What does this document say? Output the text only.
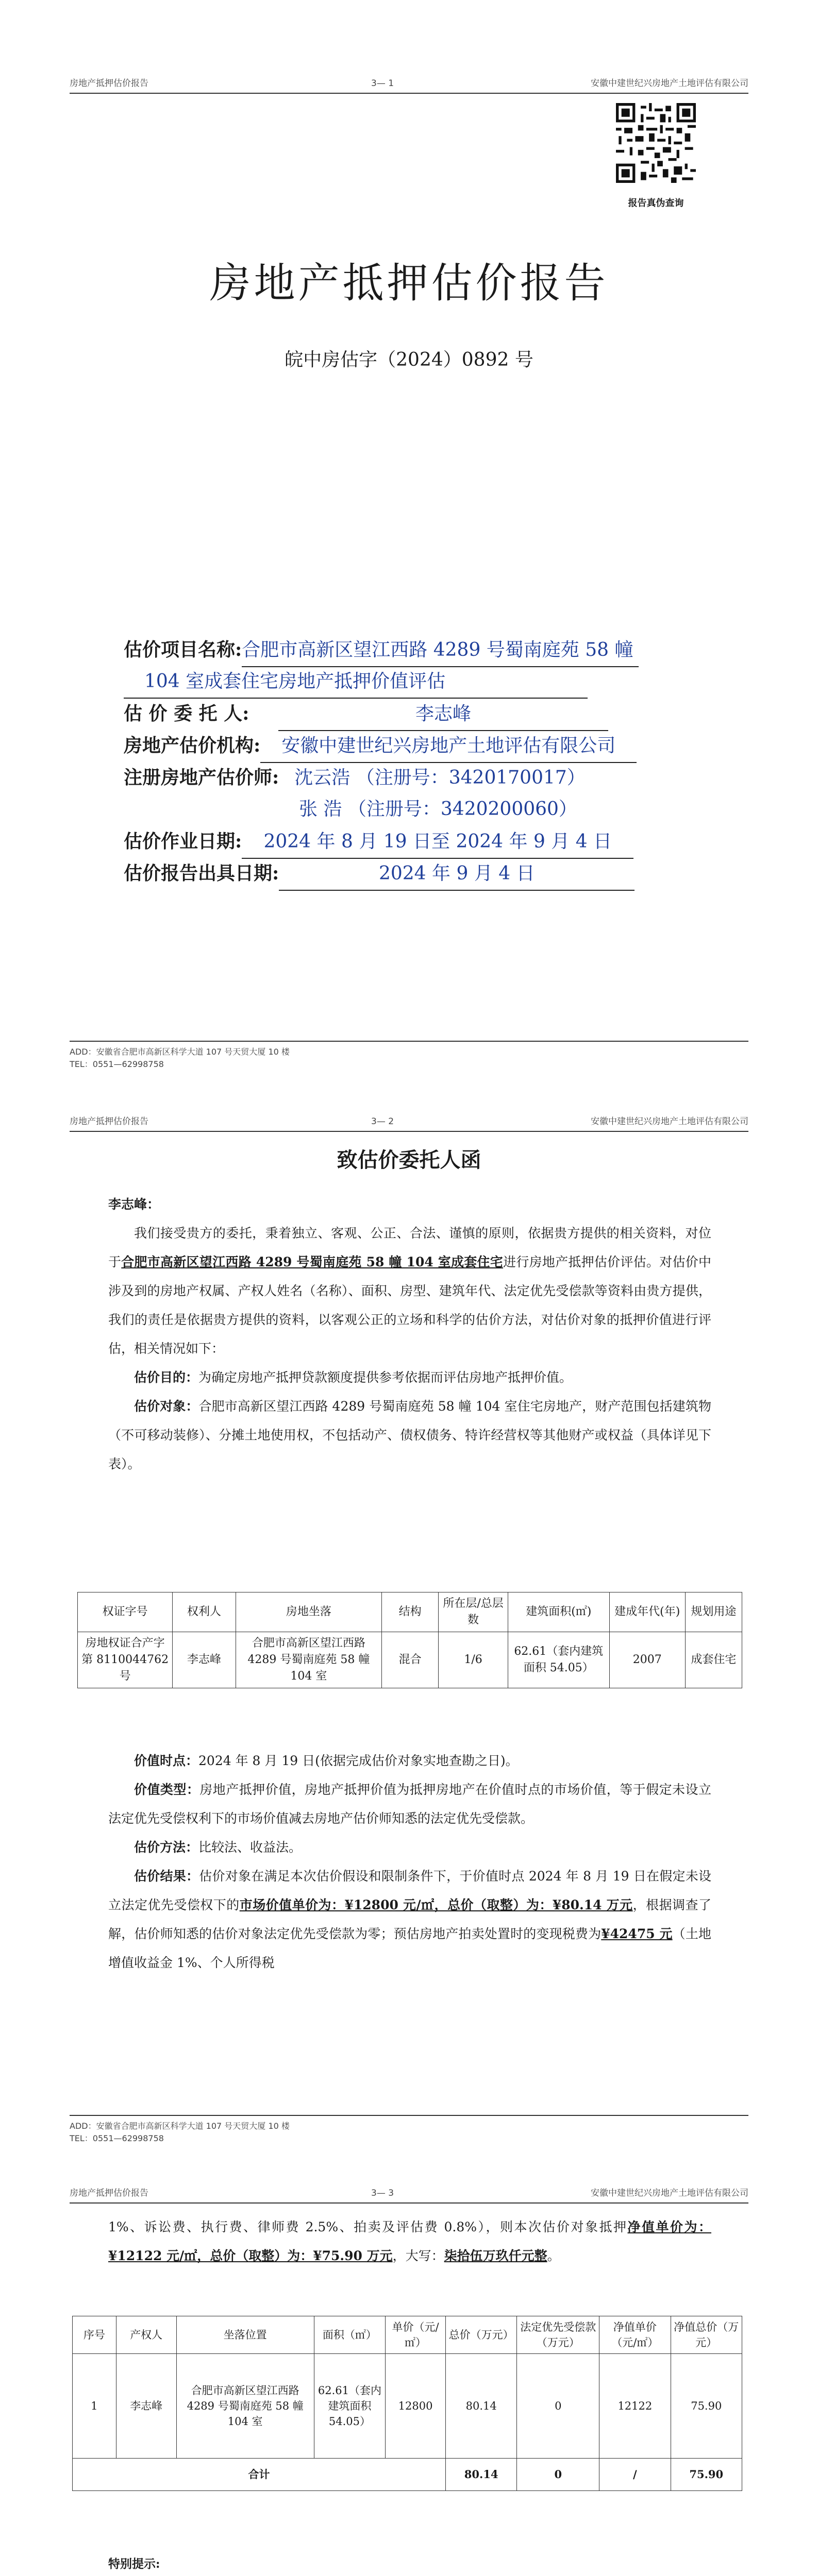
房地产抵押估价报告	3— 1	安徽中建世纪兴房地产土地评估有限公司
报告真伪查询
房地产抵押估价报告
皖中房估字（2024）0892 号
估价项目名称:合肥市高新区望江西路 4289 号蜀南庭苑 58 幢
104 室成套住宅房地产抵押价值评估
估 价 委 托 人:	李志峰
房地产估价机构: 安徽中建世纪兴房地产土地评估有限公司
注册房地产估价师: 沈云浩 （注册号：3420170017）
张 浩 （注册号：3420200060）
估价作业日期: 2024 年 8 月 19 日至 2024 年 9 月 4 日
估价报告出具日期:	2024 年 9 月 4 日
ADD：安徽省合肥市高新区科学大道 107 号天贸大厦 10 楼
TEL：0551—62998758
房地产抵押估价报告	3— 2	安徽中建世纪兴房地产土地评估有限公司
致估价委托人函

李志峰：

我们接受贵方的委托，秉着独立、客观、公正、合法、谨慎的原则，依据贵方提供的相关资料，对位于合肥市高新区望江西路 4289 号蜀南庭苑 58 幢 104 室成套住宅进行房地产抵押估价评估。对估价中涉及到的房地产权属、产权人姓名（名称）、面积、房型、建筑年代、法定优先受偿款等资料由贵方提供，我们的责任是依据贵方提供的资料，以客观公正的立场和科学的估价方法，对估价对象的抵押价值进行评估，相关情况如下：

估价目的：为确定房地产抵押贷款额度提供参考依据而评估房地产抵押价值。

估价对象：合肥市高新区望江西路 4289 号蜀南庭苑 58 幢 104 室住宅房地产，财产范围包括建筑物（不可移动装修）、分摊土地使用权，不包括动产、债权债务、特许经营权等其他财产或权益（具体详见下表）。

权证字号	权利人	房地坐落	结构	所在层/总层数	建筑面积(㎡)	建成年代(年)	规划用途
房地权证合产字第 8110044762 号	李志峰	合肥市高新区望江西路 4289 号蜀南庭苑 58 幢 104 室	混合	1/6	62.61（套内建筑面积 54.05）	2007	成套住宅

价值时点：2024 年 8 月 19 日(依据完成估价对象实地查勘之日)。

价值类型：房地产抵押价值，房地产抵押价值为抵押房地产在价值时点的市场价值，等于假定未设立法定优先受偿权利下的市场价值减去房地产估价师知悉的法定优先受偿款。

估价方法：比较法、收益法。

估价结果：估价对象在满足本次估价假设和限制条件下，于价值时点 2024 年 8 月 19 日在假定未设立法定优先受偿权下的市场价值单价为：¥12800 元/㎡，总价（取整）为：¥80.14 万元，根据调查了解，估价师知悉的估价对象法定优先受偿款为零；预估房地产拍卖处置时的变现税费为¥42475 元（土地增值收益金 1%、个人所得税

ADD：安徽省合肥市高新区科学大道 107 号天贸大厦 10 楼
TEL：0551—62998758
房地产抵押估价报告	3— 3	安徽中建世纪兴房地产土地评估有限公司

1%、诉讼费、执行费、律师费 2.5%、拍卖及评估费 0.8%），则本次估价对象抵押净值单价为：¥12122 元/㎡，总价（取整）为：¥75.90 万元，大写：柒拾伍万玖仟元整。

序号	产权人	坐落位置	面积（㎡）	单价（元/㎡）	总价（万元）	法定优先受偿款（万元）	净值单价（元/㎡）	净值总价（万元）
1	李志峰	合肥市高新区望江西路 4289 号蜀南庭苑 58 幢 104 室	62.61（套内建筑面积 54.05）	12800	80.14	0	12122	75.90
合计					80.14	0	/	75.90

特别提示:
